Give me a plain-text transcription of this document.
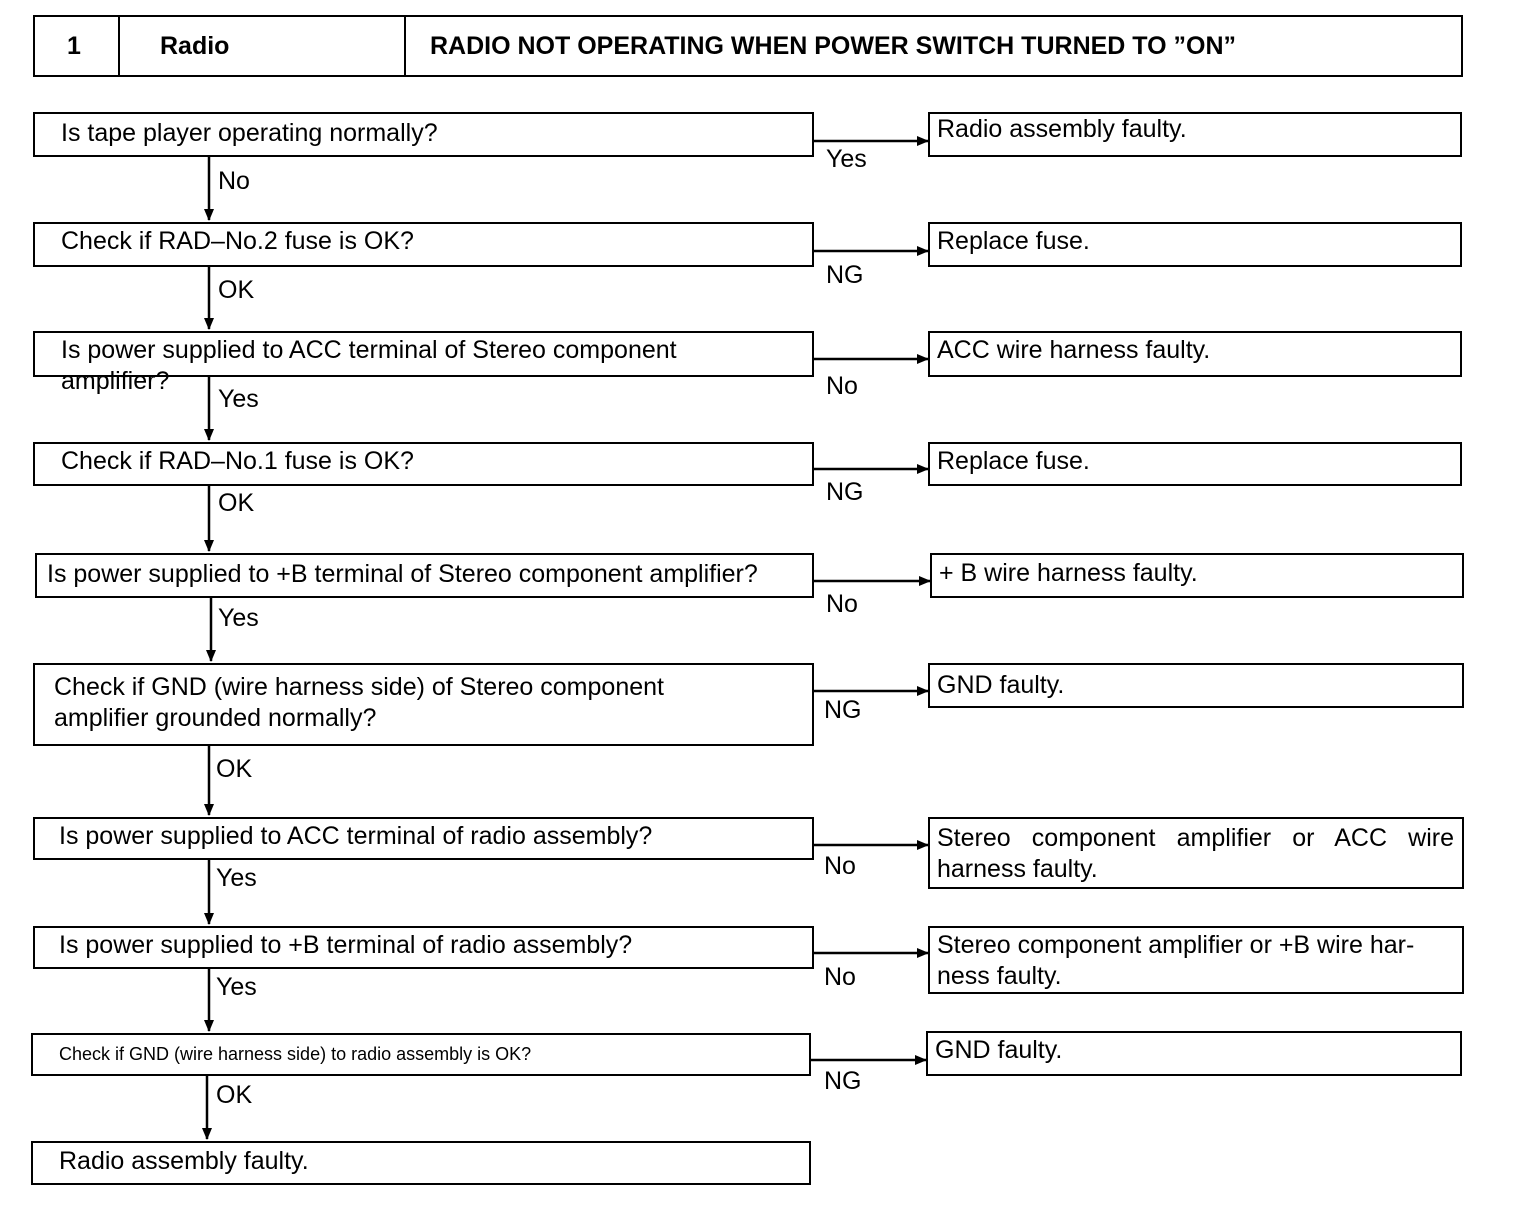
1	Radio	RADIO NOT OPERATING WHEN POWER SWITCH TURNED TO ”ON”
Is tape player operating normally?
Check if RAD–No.2 fuse is OK?
Is power supplied to ACC terminal of Stereo component amplifier?
Check if RAD–No.1 fuse is OK?
Is power supplied to +B terminal of Stereo component amplifier?
Check if GND (wire harness side) of Stereo component amplifier grounded normally?
Is power supplied to ACC terminal of radio assembly?
Is power supplied to +B terminal of radio assembly?
Check if GND (wire harness side) to radio assembly is OK?
Radio assembly faulty.
Radio assembly faulty.
Replace fuse.
ACC wire harness faulty.
Replace fuse.
+ B wire harness faulty.
GND faulty.
Stereo component amplifier or ACC wire harness faulty.
Stereo component amplifier or +B wire har-ness faulty.
GND faulty.
Yes
NG
No
NG
No
NG
No
No
NG
No
OK
Yes
OK
Yes
OK
Yes
Yes
OK
